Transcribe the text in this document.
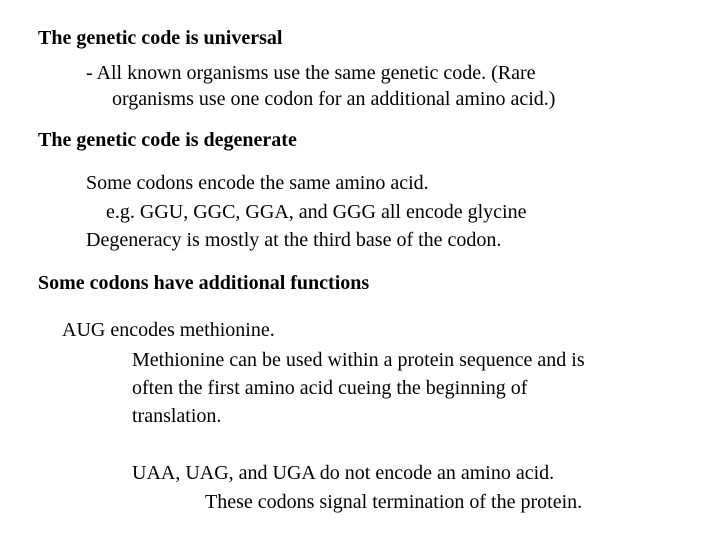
The genetic code is universal
- All known organisms use the same genetic code. (Rare
organisms use one codon for an additional amino acid.)
The genetic code is degenerate
Some codons encode the same amino acid.
e.g. GGU, GGC, GGA, and GGG all encode glycine
Degeneracy is mostly at the third base of the codon.
Some codons have additional functions
AUG encodes methionine.
Methionine can be used within a protein sequence and is
often the first amino acid cueing the beginning of
translation.
UAA, UAG, and UGA do not encode an amino acid.
These codons signal termination of the protein.
